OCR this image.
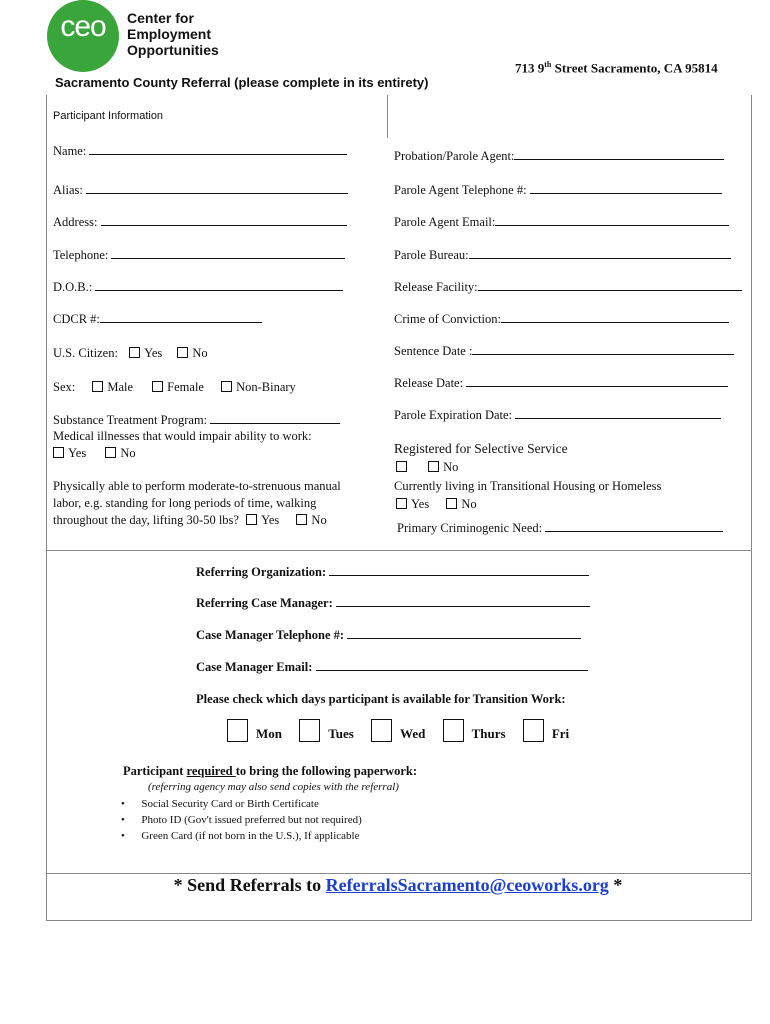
ceo	Center for
Employment
Opportunities
713 9th Street Sacramento, CA 95814
Sacramento County Referral (please complete in its entirety)
Participant Information
Name:
Alias:
Address:
Telephone:
D.O.B.:
CDCR #:
U.S. Citizen: Yes No
Sex:	Male	Female	Non-Binary
Substance Treatment Program:
Medical illnesses that would impair ability to work:
Yes	No
Physically able to perform moderate-to-strenuous manual
labor, e.g. standing for long periods of time, walking
throughout the day, lifting 30-50 lbs? Yes	No
Probation/Parole Agent:
Parole Agent Telephone #:
Parole Agent Email:
Parole Bureau:
Release Facility:
Crime of Conviction:
Sentence Date :
Release Date:
Parole Expiration Date:
Registered for Selective Service
No
Currently living in Transitional Housing or Homeless
Yes	No
Primary Criminogenic Need:
Referring Organization:
Referring Case Manager:
Case Manager Telephone #:
Case Manager Email:
Please check which days participant is available for Transition Work:
Mon	Tues	Wed	Thurs	Fri
Participant required to bring the following paperwork:
(referring agency may also send copies with the referral)
•      Social Security Card or Birth Certificate
•      Photo ID (Gov't issued preferred but not required)
•      Green Card (if not born in the U.S.), If applicable
* Send Referrals to ReferralsSacramento@ceoworks.org *
